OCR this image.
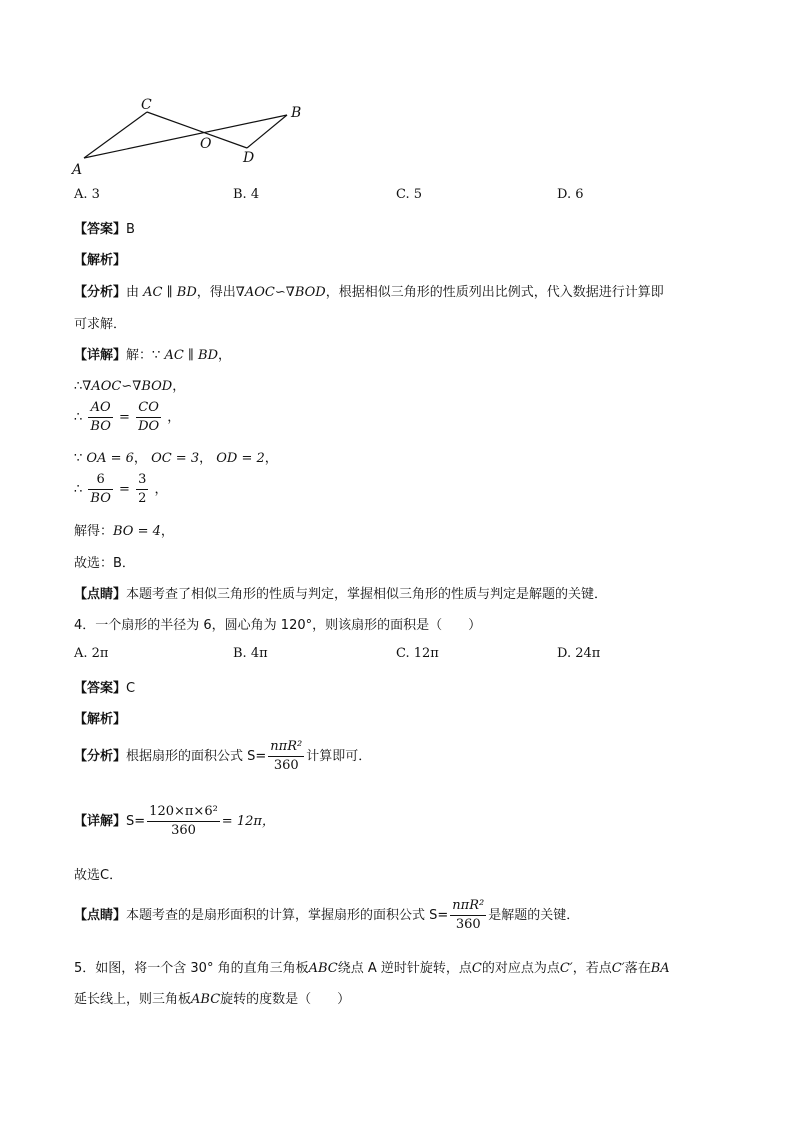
C	B
O
D
A
A. 3	B. 4	C. 5	D. 6
【答案】B
【解析】
【分析】由 AC ∥ BD，得出∇AOC∽∇BOD，根据相似三角形的性质列出比例式，代入数据进行计算即
可求解．
【详解】解：∵ AC ∥ BD，
∴∇AOC∽∇BOD，
∴ $\frac{AO}{BO} = \frac{CO}{DO}$ ，
∵ OA = 6， OC = 3， OD = 2，
∴ $\frac{6}{BO} = \frac{3}{2}$ ，
解得：BO = 4，
故选：B．
【点睛】本题考查了相似三角形的性质与判定，掌握相似三角形的性质与判定是解题的关键．
4．一个扇形的半径为 6，圆心角为 120°，则该扇形的面积是（　　）
A. 2π	B. 4π	C. 12π	D. 24π
【答案】C
【解析】
【分析】根据扇形的面积公式 $S= \frac{\text{nπR²}}{360}$ 计算即可．
【详解】$S= \frac{\text{120×π×6²}}{360} = 12\pi$，
故选C．
【点睛】本题考查的是扇形面积的计算，掌握扇形的面积公式 $S= \frac{\text{nπR²}}{360}$ 是解题的关键．
5．如图，将一个含 30° 角的直角三角板ABC绕点 A 逆时针旋转，点C的对应点为点C′，若点C′落在BA
延长线上，则三角板ABC旋转的度数是（　　）
